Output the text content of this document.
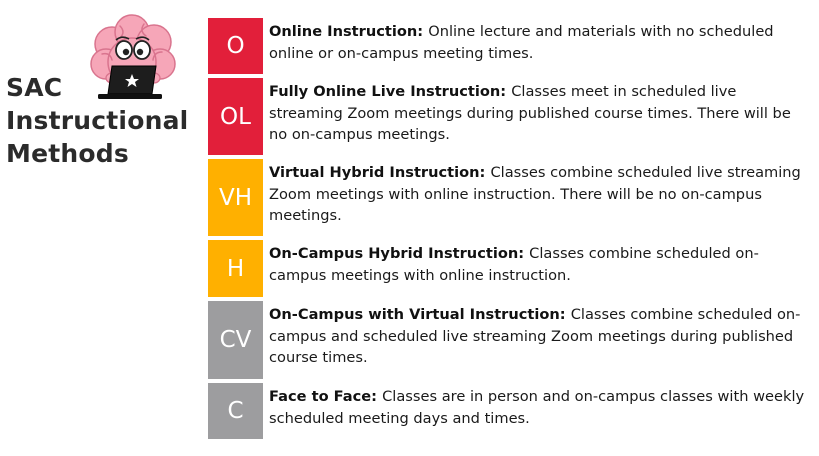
SAC
Instructional
Methods
O
Online Instruction: Online lecture and materials with no scheduled online or on-campus meeting times.
OL
Fully Online Live Instruction: Classes meet in scheduled live streaming Zoom meetings during published course times. There will be no on-campus meetings.
VH
Virtual Hybrid Instruction: Classes combine scheduled live streaming Zoom meetings with online instruction. There will be no on-campus meetings.
H
On-Campus Hybrid Instruction: Classes combine scheduled on-campus meetings with online instruction.
CV
On-Campus with Virtual Instruction: Classes combine scheduled on-campus and scheduled live streaming Zoom meetings during published course times.
C
Face to Face: Classes are in person and on-campus classes with weekly scheduled meeting days and times.
